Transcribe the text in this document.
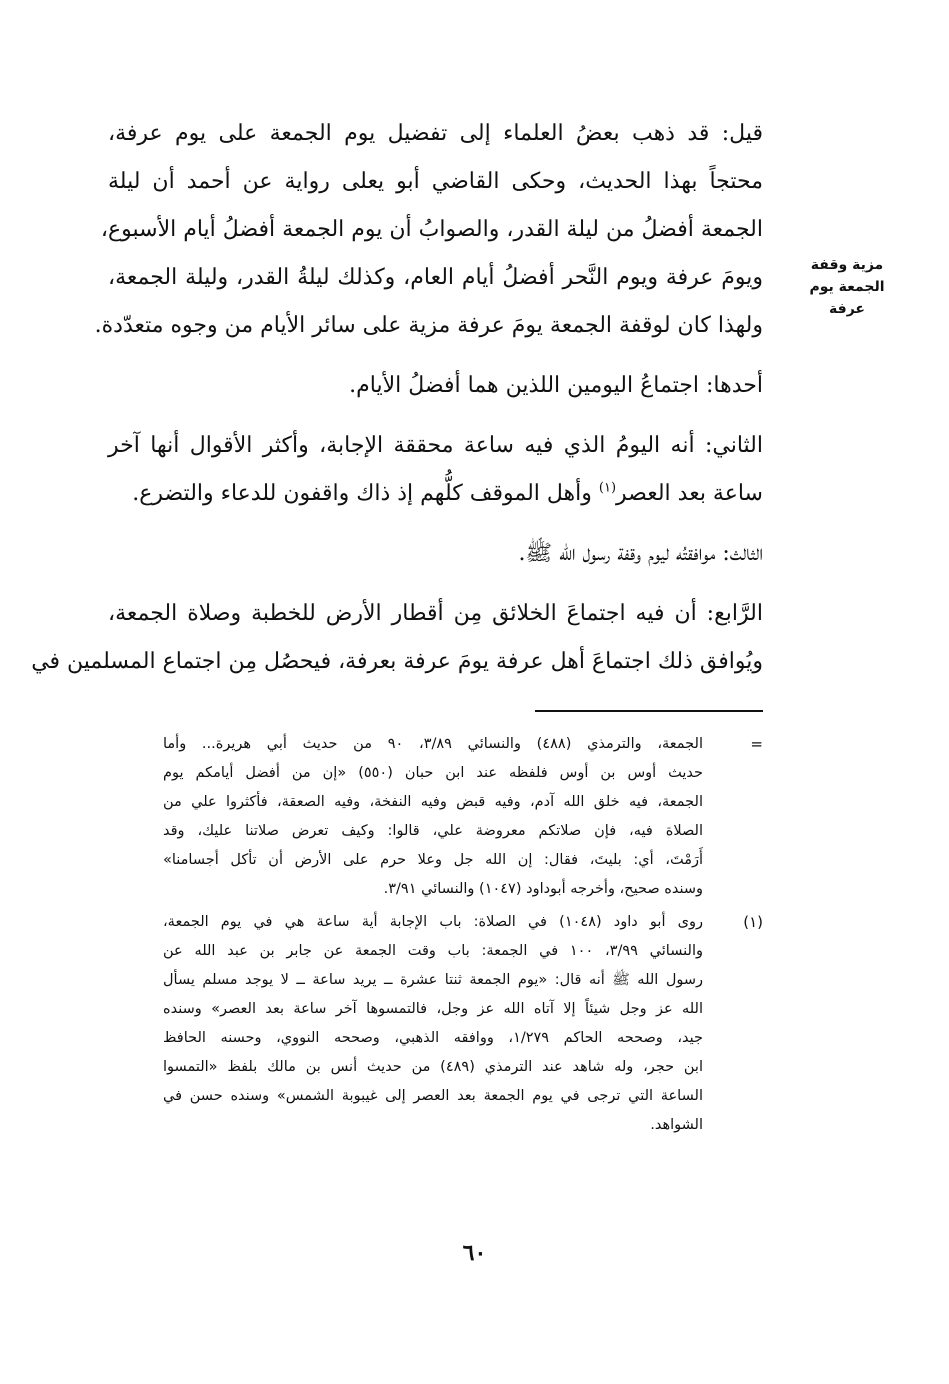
مزية وقفة الجمعة يوم
عرفة
قيل: قد ذهب بعضُ العلماء إلى تفضيل يوم الجمعة على يوم عرفة،
محتجاً بهذا الحديث، وحكى القاضي أبو يعلى رواية عن أحمد أن ليلة
الجمعة أفضلُ من ليلة القدر، والصوابُ أن يوم الجمعة أفضلُ أيام الأسبوع،
ويومَ عرفة ويوم النَّحر أفضلُ أيام العام، وكذلك ليلةُ القدر، وليلة الجمعة،
ولهذا كان لوقفة الجمعة يومَ عرفة مزية على سائر الأيام من وجوه متعدّدة.
أحدها: اجتماعُ اليومين اللذين هما أفضلُ الأيام.
الثاني: أنه اليومُ الذي فيه ساعة محققة الإجابة، وأكثر الأقوال أنها آخر
ساعة بعد العصر$^{(١)}$ وأهل الموقف كلُّهم إذ ذاك واقفون للدعاء والتضرع.
الثالث: موافقتُه ليوم وقفة رسول الله ﷺ.
الرَّابع: أن فيه اجتماعَ الخلائق مِن أقطار الأرض للخطبة وصلاة الجمعة،
ويُوافق ذلك اجتماعَ أهل عرفة يومَ عرفة بعرفة، فيحصُل مِن اجتماع المسلمين في
=
الجمعة، والترمذي (٤٨٨) والنسائي ٣/٨٩، ٩٠ من حديث أبي هريرة... وأما
حديث أوس بن أوس فلفظه عند ابن حبان (٥٥٠) «إن من أفضل أيامكم يوم
الجمعة، فيه خلق الله آدم، وفيه قبض وفيه النفخة، وفيه الصعقة، فأكثروا علي من
الصلاة فيه، فإن صلاتكم معروضة علي، قالوا: وكيف تعرض صلاتنا عليك، وقد
أَرَمْتَ، أي: بليتَ، فقال: إن الله جل وعلا حرم على الأرض أن تأكل أجسامنا»
وسنده صحيح، وأخرجه أبوداود (١٠٤٧) والنسائي ٣/٩١.
(١)
روى أبو داود (١٠٤٨) في الصلاة: باب الإجابة أية ساعة هي في يوم الجمعة،
والنسائي ٣/٩٩، ١٠٠ في الجمعة: باب وقت الجمعة عن جابر بن عبد الله عن
رسول الله ﷺ أنه قال: «يوم الجمعة ثنتا عشرة ــ يريد ساعة ــ لا يوجد مسلم يسأل
الله عز وجل شيئاً إلا آتاه الله عز وجل، فالتمسوها آخر ساعة بعد العصر» وسنده
جيد، وصححه الحاكم ١/٢٧٩، ووافقه الذهبي، وصححه النووي، وحسنه الحافظ
ابن حجر، وله شاهد عند الترمذي (٤٨٩) من حديث أنس بن مالك بلفظ «التمسوا
الساعة التي ترجى في يوم الجمعة بعد العصر إلى غيبوبة الشمس» وسنده حسن في
الشواهد.
٦٠
